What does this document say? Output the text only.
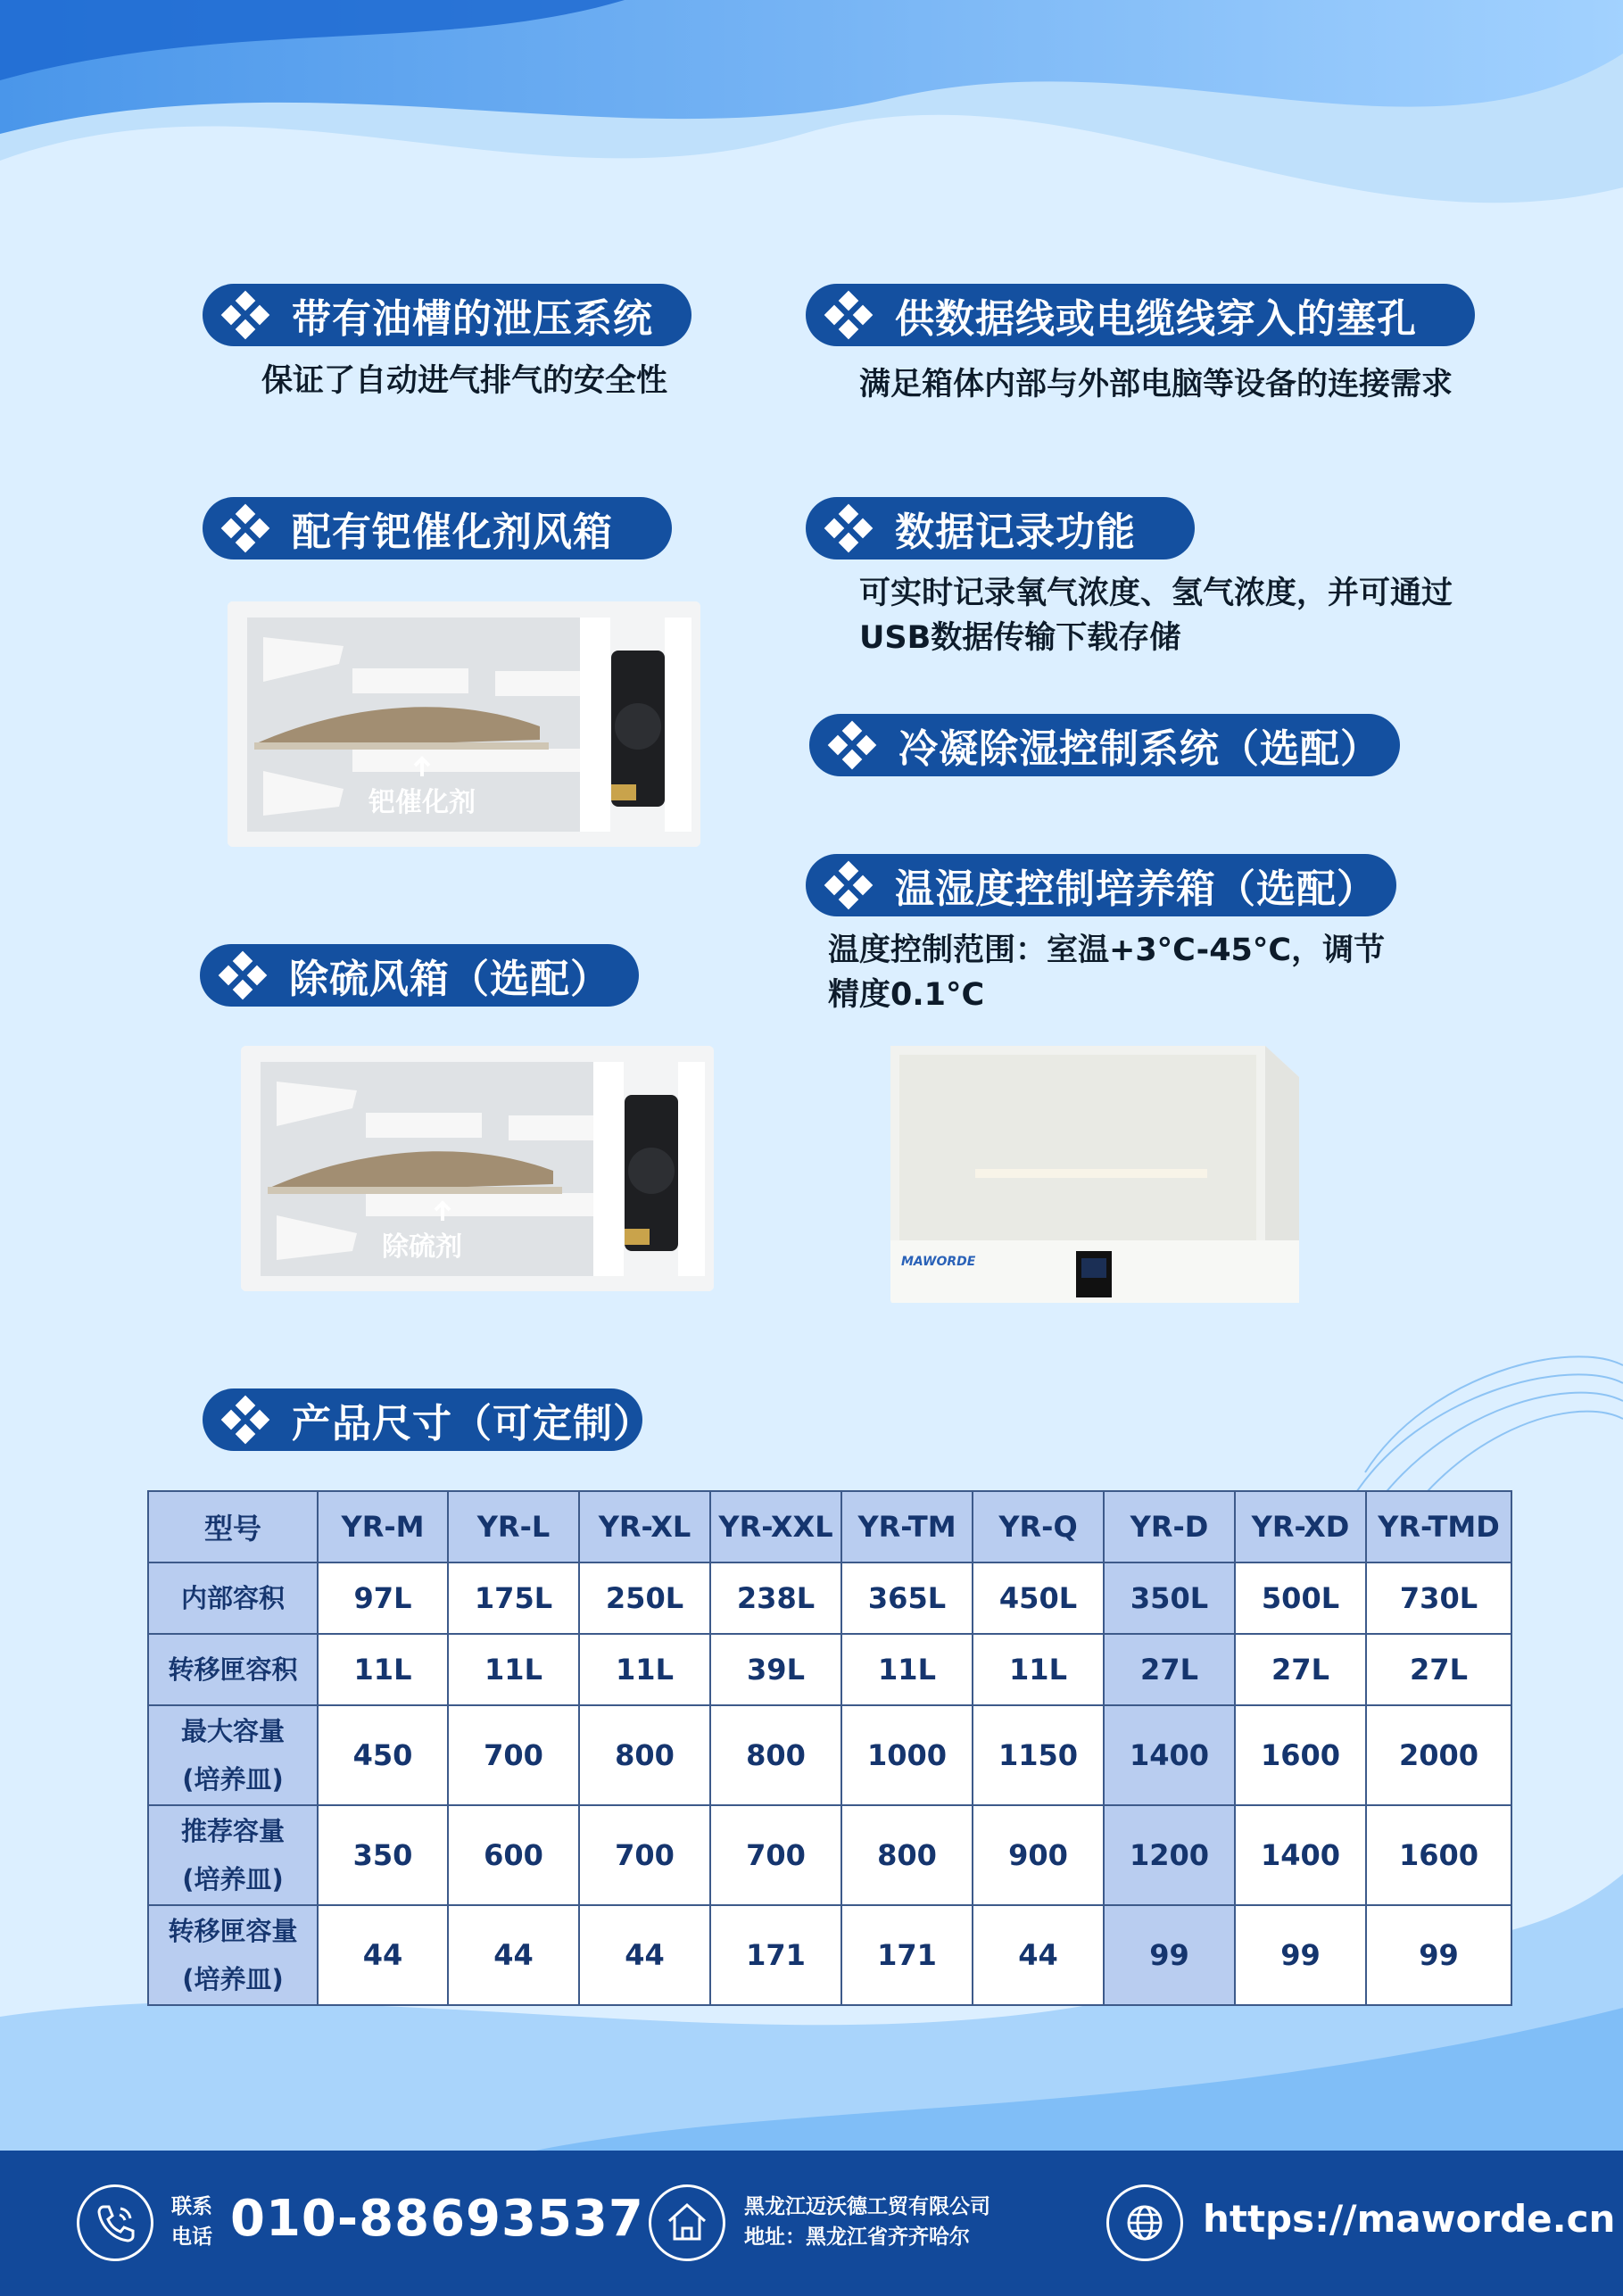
带有油槽的泄压系统
保证了自动进气排气的安全性
供数据线或电缆线穿入的塞孔
满足箱体内部与外部电脑等设备的连接需求
配有钯催化剂风箱	数据记录功能
可实时记录氧气浓度、氢气浓度，并可通过
USB数据传输下载存储
冷凝除湿控制系统（选配）
温湿度控制培养箱（选配）
温度控制范围：室温+3°C-45°C，调节
精度0.1°C
除硫风箱（选配）
产品尺寸（可定制）
钯催化剂
除硫剂	MAWORDE
型号	YR-M	YR-L	YR-XL	YR-XXL	YR-TM	YR-Q	YR-D	YR-XD	YR-TMD

内部容积	97L	175L	250L	238L	365L	450L	350L	500L	730L

转移匣容积	11L	11L	11L	39L	11L	11L	27L	27L	27L

最大容量
(培养皿)	450	700	800	800	1000	1150	1400	1600	2000

推荐容量
(培养皿)	350	600	700	700	800	900	1200	1400	1600

转移匣容量
(培养皿)	44	44	44	171	171	44	99	99	99
联系
电话 010-88693537	黑龙江迈沃德工贸有限公司
地址：黑龙江省齐齐哈尔	https://maworde.cn
